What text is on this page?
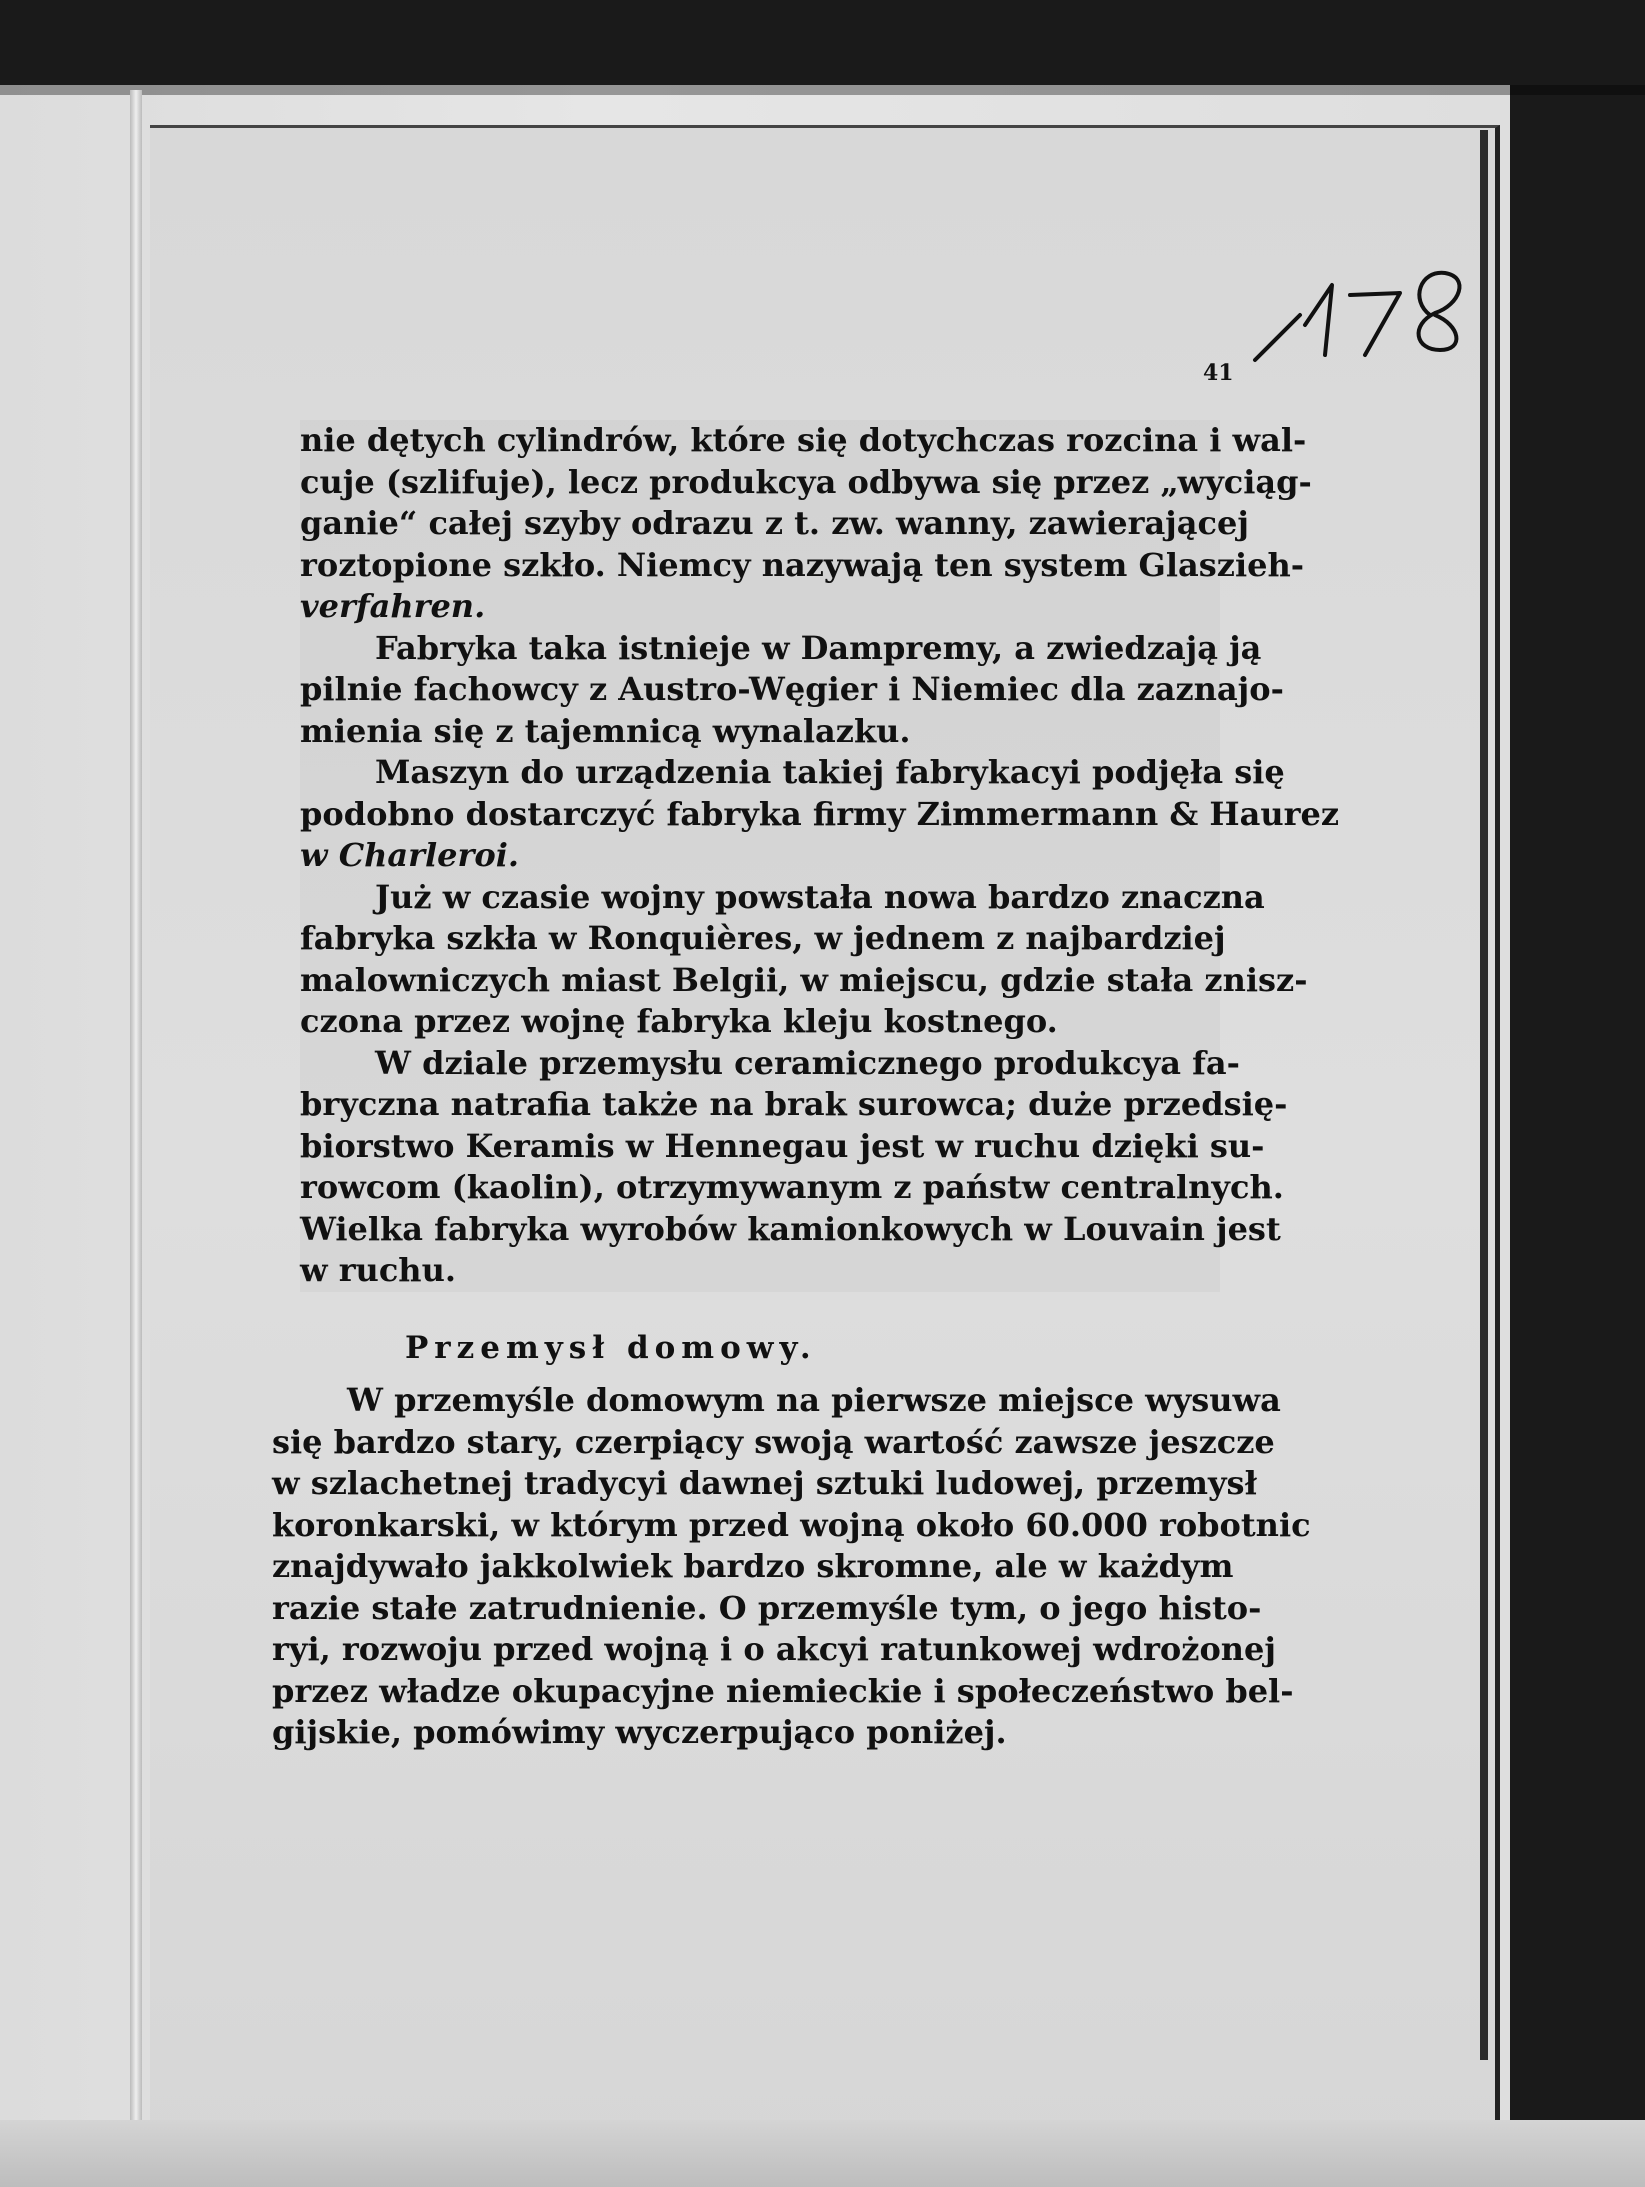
41
nie dętych cylindrów, które się dotychczas rozcina i wal-
cuje (szlifuje), lecz produkcya odbywa się przez „wyciąg-
ganie“ całej szyby odrazu z t. zw. wanny, zawierającej
roztopione szkło. Niemcy nazywają ten system Glaszieh-
verfahren.
Fabryka taka istnieje w Dampremy, a zwiedzają ją
pilnie fachowcy z Austro-Węgier i Niemiec dla zaznajo-
mienia się z tajemnicą wynalazku.
Maszyn do urządzenia takiej fabrykacyi podjęła się
podobno dostarczyć fabryka firmy Zimmermann & Haurez
w Charleroi.
Już w czasie wojny powstała nowa bardzo znaczna
fabryka szkła w Ronquières, w jednem z najbardziej
malowniczych miast Belgii, w miejscu, gdzie stała znisz-
czona przez wojnę fabryka kleju kostnego.
W dziale przemysłu ceramicznego produkcya fa-
bryczna natrafia także na brak surowca; duże przedsię-
biorstwo Keramis w Hennegau jest w ruchu dzięki su-
rowcom (kaolin), otrzymywanym z państw centralnych.
Wielka fabryka wyrobów kamionkowych w Louvain jest
w ruchu.
Przemysł domowy.
W przemyśle domowym na pierwsze miejsce wysuwa
się bardzo stary, czerpiący swoją wartość zawsze jeszcze
w szlachetnej tradycyi dawnej sztuki ludowej, przemysł
koronkarski, w którym przed wojną około 60.000 robotnic
znajdywało jakkolwiek bardzo skromne, ale w każdym
razie stałe zatrudnienie. O przemyśle tym, o jego histo-
ryi, rozwoju przed wojną i o akcyi ratunkowej wdrożonej
przez władze okupacyjne niemieckie i społeczeństwo bel-
gijskie, pomówimy wyczerpująco poniżej.
